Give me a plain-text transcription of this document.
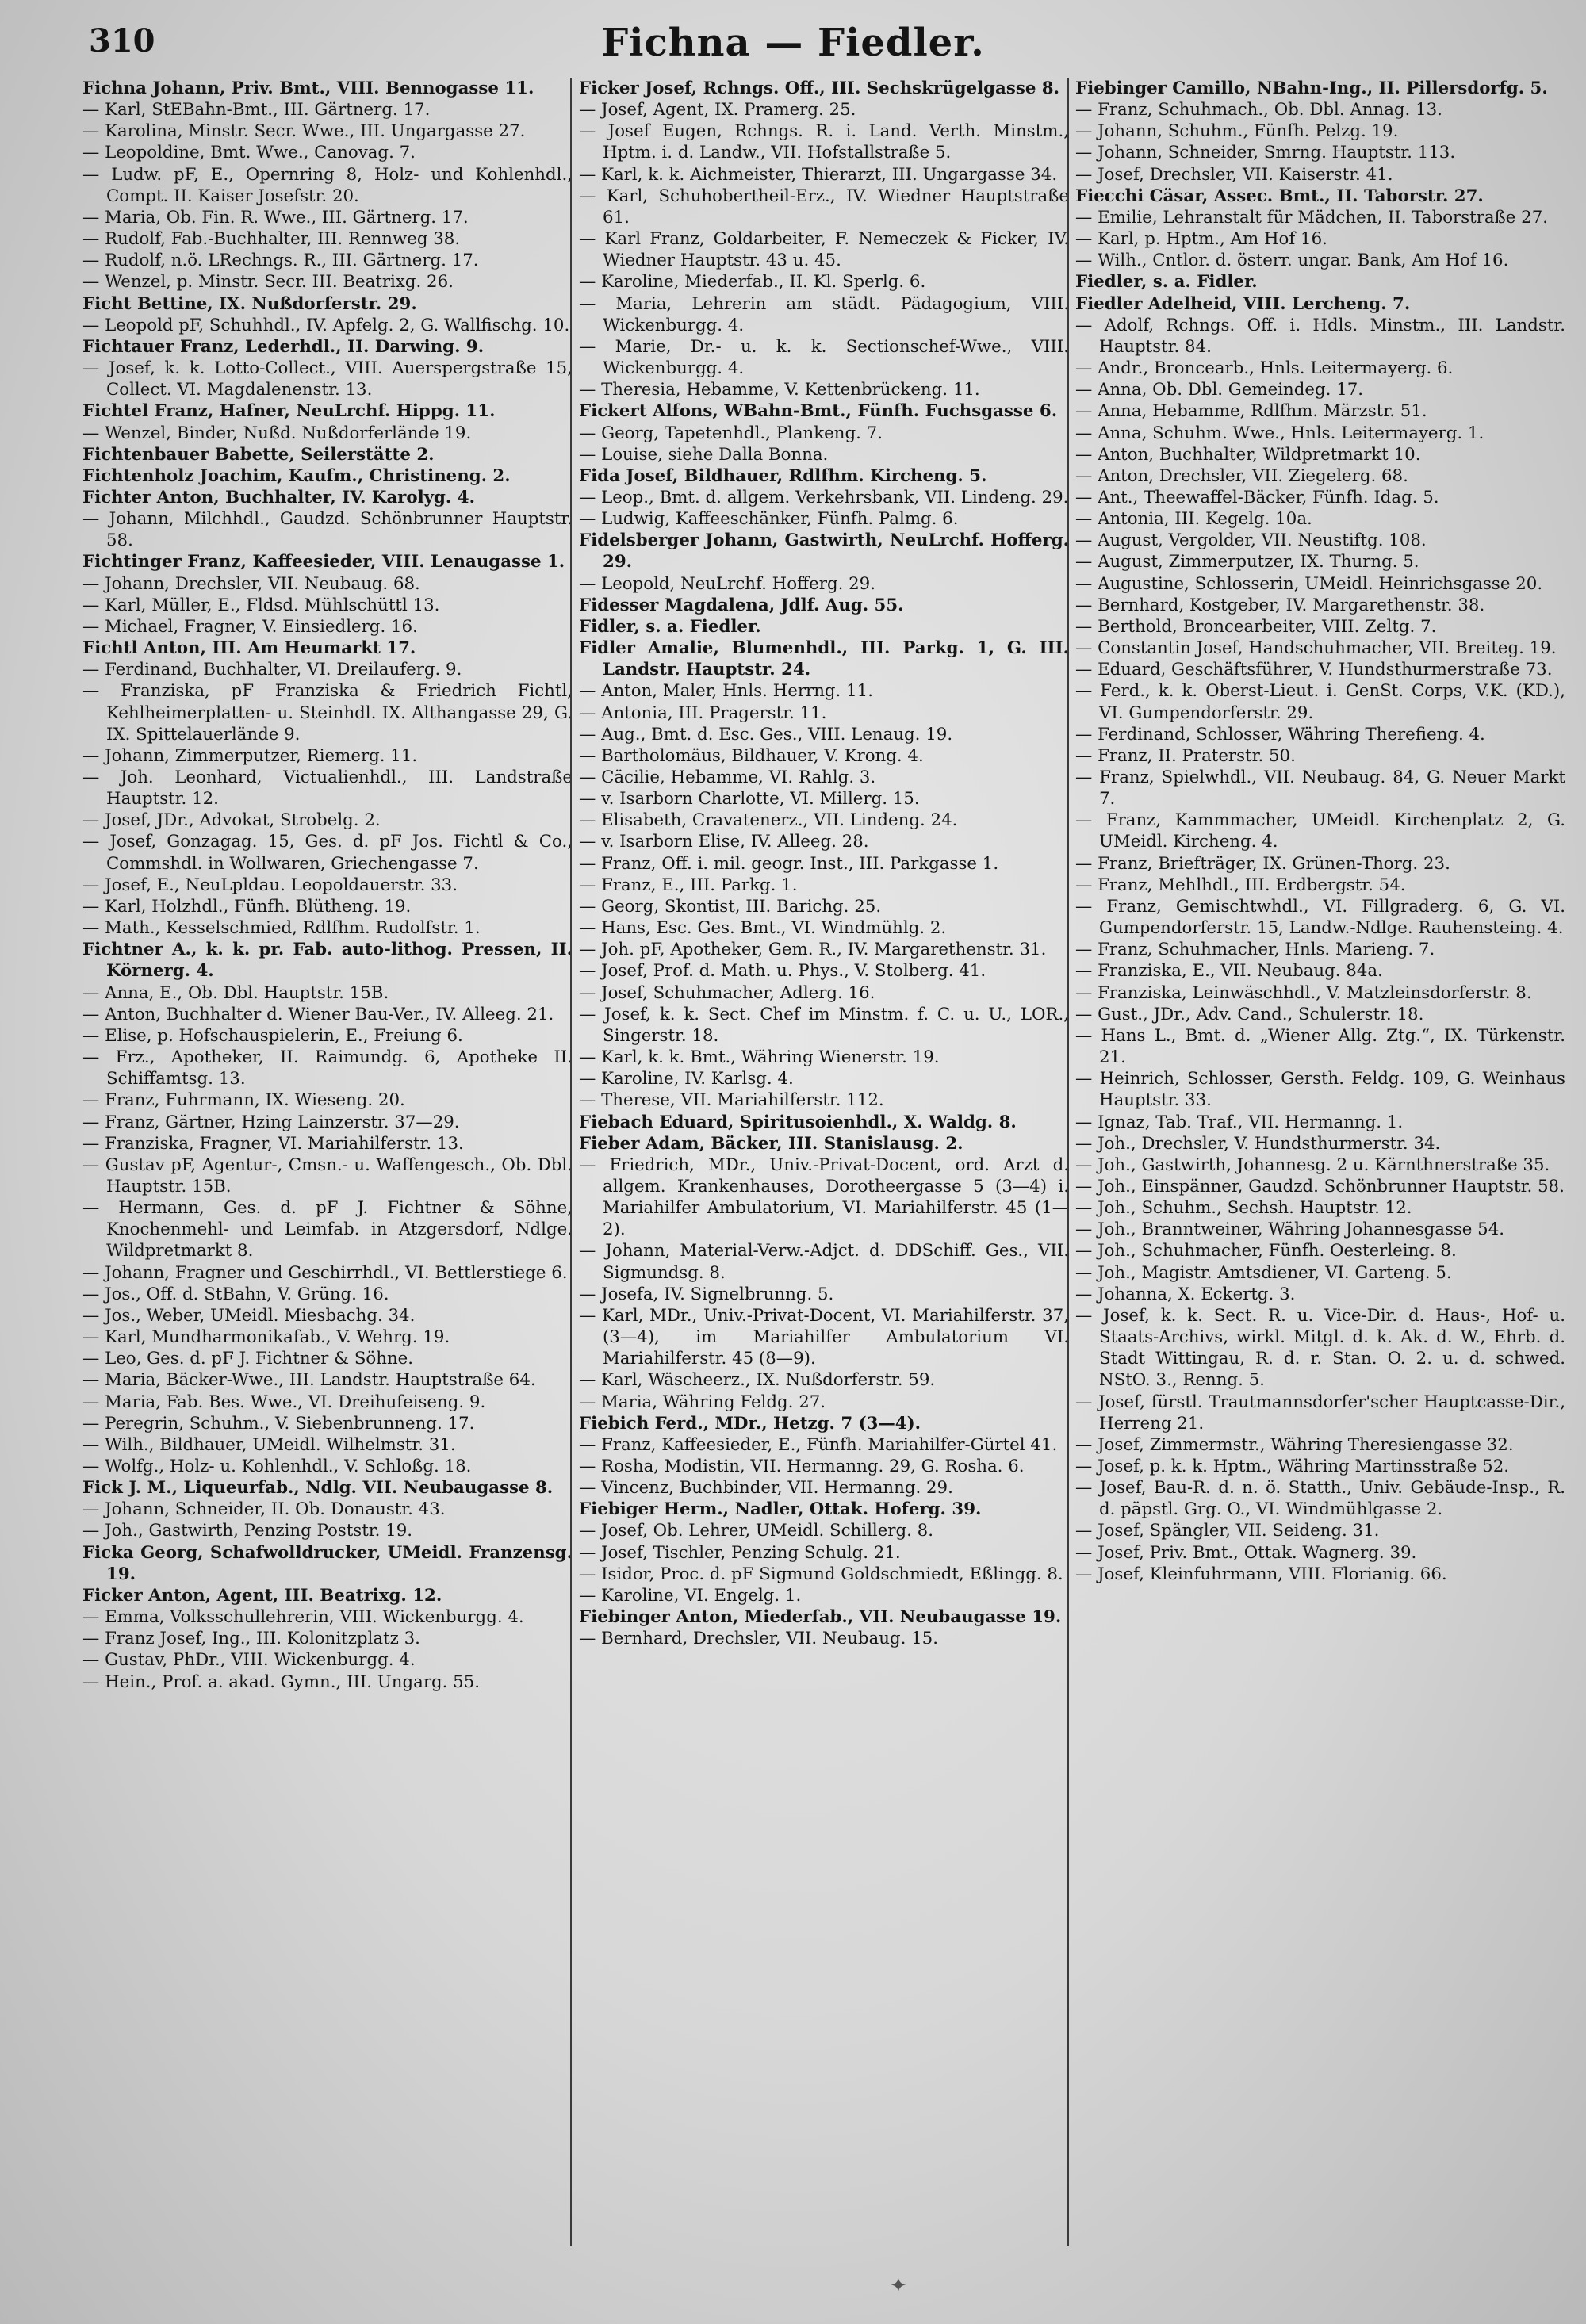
310	Fichna — Fiedler.

Fichna Johann, Priv. Bmt., VIII. Bennogasse 11.

— Karl, StEBahn-Bmt., III. Gärtnerg. 17.

— Karolina, Minstr. Secr. Wwe., III. Ungargasse 27.

— Leopoldine, Bmt. Wwe., Canovag. 7.

— Ludw. pF, E., Opernring 8, Holz- und Kohlenhdl., Compt. II. Kaiser Josefstr. 20.

— Maria, Ob. Fin. R. Wwe., III. Gärtnerg. 17.

— Rudolf, Fab.-Buchhalter, III. Rennweg 38.

— Rudolf, n.ö. LRechngs. R., III. Gärtnerg. 17.

— Wenzel, p. Minstr. Secr. III. Beatrixg. 26.

Ficht Bettine, IX. Nußdorferstr. 29.

— Leopold pF, Schuhhdl., IV. Apfelg. 2, G. Wallfischg. 10.

Fichtauer Franz, Lederhdl., II. Darwing. 9.

— Josef, k. k. Lotto-Collect., VIII. Auerspergstraße 15, Collect. VI. Magdalenenstr. 13.

Fichtel Franz, Hafner, NeuLrchf. Hippg. 11.

— Wenzel, Binder, Nußd. Nußdorferlände 19.

Fichtenbauer Babette, Seilerstätte 2.

Fichtenholz Joachim, Kaufm., Christineng. 2.

Fichter Anton, Buchhalter, IV. Karolyg. 4.

— Johann, Milchhdl., Gaudzd. Schönbrunner Hauptstr. 58.

Fichtinger Franz, Kaffeesieder, VIII. Lenaugasse 1.

— Johann, Drechsler, VII. Neubaug. 68.

— Karl, Müller, E., Fldsd. Mühlschüttl 13.

— Michael, Fragner, V. Einsiedlerg. 16.

Fichtl Anton, III. Am Heumarkt 17.

— Ferdinand, Buchhalter, VI. Dreilauferg. 9.

— Franziska, pF Franziska & Friedrich Fichtl, Kehlheimerplatten- u. Steinhdl. IX. Althangasse 29, G. IX. Spittelauerlände 9.

— Johann, Zimmerputzer, Riemerg. 11.

— Joh. Leonhard, Victualienhdl., III. Landstraße Hauptstr. 12.

— Josef, JDr., Advokat, Strobelg. 2.

— Josef, Gonzagag. 15, Ges. d. pF Jos. Fichtl & Co., Commshdl. in Wollwaren, Griechengasse 7.

— Josef, E., NeuLpldau. Leopoldauerstr. 33.

— Karl, Holzhdl., Fünfh. Blütheng. 19.

— Math., Kesselschmied, Rdlfhm. Rudolfstr. 1.

Fichtner A., k. k. pr. Fab. auto-lithog. Pressen, II. Körnerg. 4.

— Anna, E., Ob. Dbl. Hauptstr. 15B.

— Anton, Buchhalter d. Wiener Bau-Ver., IV. Alleeg. 21.

— Elise, p. Hofschauspielerin, E., Freiung 6.

— Frz., Apotheker, II. Raimundg. 6, Apotheke II. Schiffamtsg. 13.

— Franz, Fuhrmann, IX. Wieseng. 20.

— Franz, Gärtner, Hzing Lainzerstr. 37—29.

— Franziska, Fragner, VI. Mariahilferstr. 13.

— Gustav pF, Agentur-, Cmsn.- u. Waffengesch., Ob. Dbl. Hauptstr. 15B.

— Hermann, Ges. d. pF J. Fichtner & Söhne, Knochenmehl- und Leimfab. in Atzgersdorf, Ndlge. Wildpretmarkt 8.

— Johann, Fragner und Geschirrhdl., VI. Bettlerstiege 6.

— Jos., Off. d. StBahn, V. Grüng. 16.

— Jos., Weber, UMeidl. Miesbachg. 34.

— Karl, Mundharmonikafab., V. Wehrg. 19.

— Leo, Ges. d. pF J. Fichtner & Söhne.

— Maria, Bäcker-Wwe., III. Landstr. Hauptstraße 64.

— Maria, Fab. Bes. Wwe., VI. Dreihufeiseng. 9.

— Peregrin, Schuhm., V. Siebenbrunneng. 17.

— Wilh., Bildhauer, UMeidl. Wilhelmstr. 31.

— Wolfg., Holz- u. Kohlenhdl., V. Schloßg. 18.

Fick J. M., Liqueurfab., Ndlg. VII. Neubaugasse 8.

— Johann, Schneider, II. Ob. Donaustr. 43.

— Joh., Gastwirth, Penzing Poststr. 19.

Ficka Georg, Schafwolldrucker, UMeidl. Franzensg. 19.

Ficker Anton, Agent, III. Beatrixg. 12.

— Emma, Volksschullehrerin, VIII. Wickenburgg. 4.

— Franz Josef, Ing., III. Kolonitzplatz 3.

— Gustav, PhDr., VIII. Wickenburgg. 4.

— Hein., Prof. a. akad. Gymn., III. Ungarg. 55.

Ficker Josef, Rchngs. Off., III. Sechskrügelgasse 8.

— Josef, Agent, IX. Pramerg. 25.

— Josef Eugen, Rchngs. R. i. Land. Verth. Minstm., Hptm. i. d. Landw., VII. Hofstallstraße 5.

— Karl, k. k. Aichmeister, Thierarzt, III. Ungargasse 34.

— Karl, Schuhobertheil-Erz., IV. Wiedner Hauptstraße 61.

— Karl Franz, Goldarbeiter, F. Nemeczek & Ficker, IV. Wiedner Hauptstr. 43 u. 45.

— Karoline, Miederfab., II. Kl. Sperlg. 6.

— Maria, Lehrerin am städt. Pädagogium, VIII. Wickenburgg. 4.

— Marie, Dr.- u. k. k. Sectionschef-Wwe., VIII. Wickenburgg. 4.

— Theresia, Hebamme, V. Kettenbrückeng. 11.

Fickert Alfons, WBahn-Bmt., Fünfh. Fuchsgasse 6.

— Georg, Tapetenhdl., Plankeng. 7.

— Louise, siehe Dalla Bonna.

Fida Josef, Bildhauer, Rdlfhm. Kircheng. 5.

— Leop., Bmt. d. allgem. Verkehrsbank, VII. Lindeng. 29.

— Ludwig, Kaffeeschänker, Fünfh. Palmg. 6.

Fidelsberger Johann, Gastwirth, NeuLrchf. Hofferg. 29.

— Leopold, NeuLrchf. Hofferg. 29.

Fidesser Magdalena, Jdlf. Aug. 55.

Fidler, s. a. Fiedler.

Fidler Amalie, Blumenhdl., III. Parkg. 1, G. III. Landstr. Hauptstr. 24.

— Anton, Maler, Hnls. Herrng. 11.

— Antonia, III. Pragerstr. 11.

— Aug., Bmt. d. Esc. Ges., VIII. Lenaug. 19.

— Bartholomäus, Bildhauer, V. Krong. 4.

— Cäcilie, Hebamme, VI. Rahlg. 3.

— v. Isarborn Charlotte, VI. Millerg. 15.

— Elisabeth, Cravatenerz., VII. Lindeng. 24.

— v. Isarborn Elise, IV. Alleeg. 28.

— Franz, Off. i. mil. geogr. Inst., III. Parkgasse 1.

— Franz, E., III. Parkg. 1.

— Georg, Skontist, III. Barichg. 25.

— Hans, Esc. Ges. Bmt., VI. Windmühlg. 2.

— Joh. pF, Apotheker, Gem. R., IV. Margarethenstr. 31.

— Josef, Prof. d. Math. u. Phys., V. Stolberg. 41.

— Josef, Schuhmacher, Adlerg. 16.

— Josef, k. k. Sect. Chef im Minstm. f. C. u. U., LOR., Singerstr. 18.

— Karl, k. k. Bmt., Währing Wienerstr. 19.

— Karoline, IV. Karlsg. 4.

— Therese, VII. Mariahilferstr. 112.

Fiebach Eduard, Spiritusoienhdl., X. Waldg. 8.

Fieber Adam, Bäcker, III. Stanislausg. 2.

— Friedrich, MDr., Univ.-Privat-Docent, ord. Arzt d. allgem. Krankenhauses, Dorotheergasse 5 (3—4) i. Mariahilfer Ambulatorium, VI. Mariahilferstr. 45 (1—2).

— Johann, Material-Verw.-Adjct. d. DDSchiff. Ges., VII. Sigmundsg. 8.

— Josefa, IV. Signelbrunng. 5.

— Karl, MDr., Univ.-Privat-Docent, VI. Mariahilferstr. 37, (3—4), im Mariahilfer Ambulatorium VI. Mariahilferstr. 45 (8—9).

— Karl, Wäscheerz., IX. Nußdorferstr. 59.

— Maria, Währing Feldg. 27.

Fiebich Ferd., MDr., Hetzg. 7 (3—4).

— Franz, Kaffeesieder, E., Fünfh. Mariahilfer-Gürtel 41.

— Rosha, Modistin, VII. Hermanng. 29, G. Rosha. 6.

— Vincenz, Buchbinder, VII. Hermanng. 29.

Fiebiger Herm., Nadler, Ottak. Hoferg. 39.

— Josef, Ob. Lehrer, UMeidl. Schillerg. 8.

— Josef, Tischler, Penzing Schulg. 21.

— Isidor, Proc. d. pF Sigmund Goldschmiedt, Eßlingg. 8.

— Karoline, VI. Engelg. 1.

Fiebinger Anton, Miederfab., VII. Neubaugasse 19.

— Bernhard, Drechsler, VII. Neubaug. 15.

Fiebinger Camillo, NBahn-Ing., II. Pillersdorfg. 5.

— Franz, Schuhmach., Ob. Dbl. Annag. 13.

— Johann, Schuhm., Fünfh. Pelzg. 19.

— Johann, Schneider, Smrng. Hauptstr. 113.

— Josef, Drechsler, VII. Kaiserstr. 41.

Fiecchi Cäsar, Assec. Bmt., II. Taborstr. 27.

— Emilie, Lehranstalt für Mädchen, II. Taborstraße 27.

— Karl, p. Hptm., Am Hof 16.

— Wilh., Cntlor. d. österr. ungar. Bank, Am Hof 16.

Fiedler, s. a. Fidler.

Fiedler Adelheid, VIII. Lercheng. 7.

— Adolf, Rchngs. Off. i. Hdls. Minstm., III. Landstr. Hauptstr. 84.

— Andr., Broncearb., Hnls. Leitermayerg. 6.

— Anna, Ob. Dbl. Gemeindeg. 17.

— Anna, Hebamme, Rdlfhm. Märzstr. 51.

— Anna, Schuhm. Wwe., Hnls. Leitermayerg. 1.

— Anton, Buchhalter, Wildpretmarkt 10.

— Anton, Drechsler, VII. Ziegelerg. 68.

— Ant., Theewaffel-Bäcker, Fünfh. Idag. 5.

— Antonia, III. Kegelg. 10a.

— August, Vergolder, VII. Neustiftg. 108.

— August, Zimmerputzer, IX. Thurng. 5.

— Augustine, Schlosserin, UMeidl. Heinrichsgasse 20.

— Bernhard, Kostgeber, IV. Margarethenstr. 38.

— Berthold, Broncearbeiter, VIII. Zeltg. 7.

— Constantin Josef, Handschuhmacher, VII. Breiteg. 19.

— Eduard, Geschäftsführer, V. Hundsthurmerstraße 73.

— Ferd., k. k. Oberst-Lieut. i. GenSt. Corps, V.K. (KD.), VI. Gumpendorferstr. 29.

— Ferdinand, Schlosser, Währing Therefieng. 4.

— Franz, II. Praterstr. 50.

— Franz, Spielwhdl., VII. Neubaug. 84, G. Neuer Markt 7.

— Franz, Kammmacher, UMeidl. Kirchenplatz 2, G. UMeidl. Kircheng. 4.

— Franz, Briefträger, IX. Grünen-Thorg. 23.

— Franz, Mehlhdl., III. Erdbergstr. 54.

— Franz, Gemischtwhdl., VI. Fillgraderg. 6, G. VI. Gumpendorferstr. 15, Landw.-Ndlge. Rauhensteing. 4.

— Franz, Schuhmacher, Hnls. Marieng. 7.

— Franziska, E., VII. Neubaug. 84a.

— Franziska, Leinwäschhdl., V. Matzleinsdorferstr. 8.

— Gust., JDr., Adv. Cand., Schulerstr. 18.

— Hans L., Bmt. d. „Wiener Allg. Ztg.“, IX. Türkenstr. 21.

— Heinrich, Schlosser, Gersth. Feldg. 109, G. Weinhaus Hauptstr. 33.

— Ignaz, Tab. Traf., VII. Hermanng. 1.

— Joh., Drechsler, V. Hundsthurmerstr. 34.

— Joh., Gastwirth, Johannesg. 2 u. Kärnthnerstraße 35.

— Joh., Einspänner, Gaudzd. Schönbrunner Hauptstr. 58.

— Joh., Schuhm., Sechsh. Hauptstr. 12.

— Joh., Branntweiner, Währing Johannesgasse 54.

— Joh., Schuhmacher, Fünfh. Oesterleing. 8.

— Joh., Magistr. Amtsdiener, VI. Garteng. 5.

— Johanna, X. Eckertg. 3.

— Josef, k. k. Sect. R. u. Vice-Dir. d. Haus-, Hof- u. Staats-Archivs, wirkl. Mitgl. d. k. Ak. d. W., Ehrb. d. Stadt Wittingau, R. d. r. Stan. O. 2. u. d. schwed. NStO. 3., Renng. 5.

— Josef, fürstl. Trautmannsdorfer'scher Hauptcasse-Dir., Herreng 21.

— Josef, Zimmermstr., Währing Theresiengasse 32.

— Josef, p. k. k. Hptm., Währing Martinsstraße 52.

— Josef, Bau-R. d. n. ö. Statth., Univ. Gebäude-Insp., R. d. päpstl. Grg. O., VI. Windmühlgasse 2.

— Josef, Spängler, VII. Seideng. 31.

— Josef, Priv. Bmt., Ottak. Wagnerg. 39.

— Josef, Kleinfuhrmann, VIII. Florianig. 66.

✦
